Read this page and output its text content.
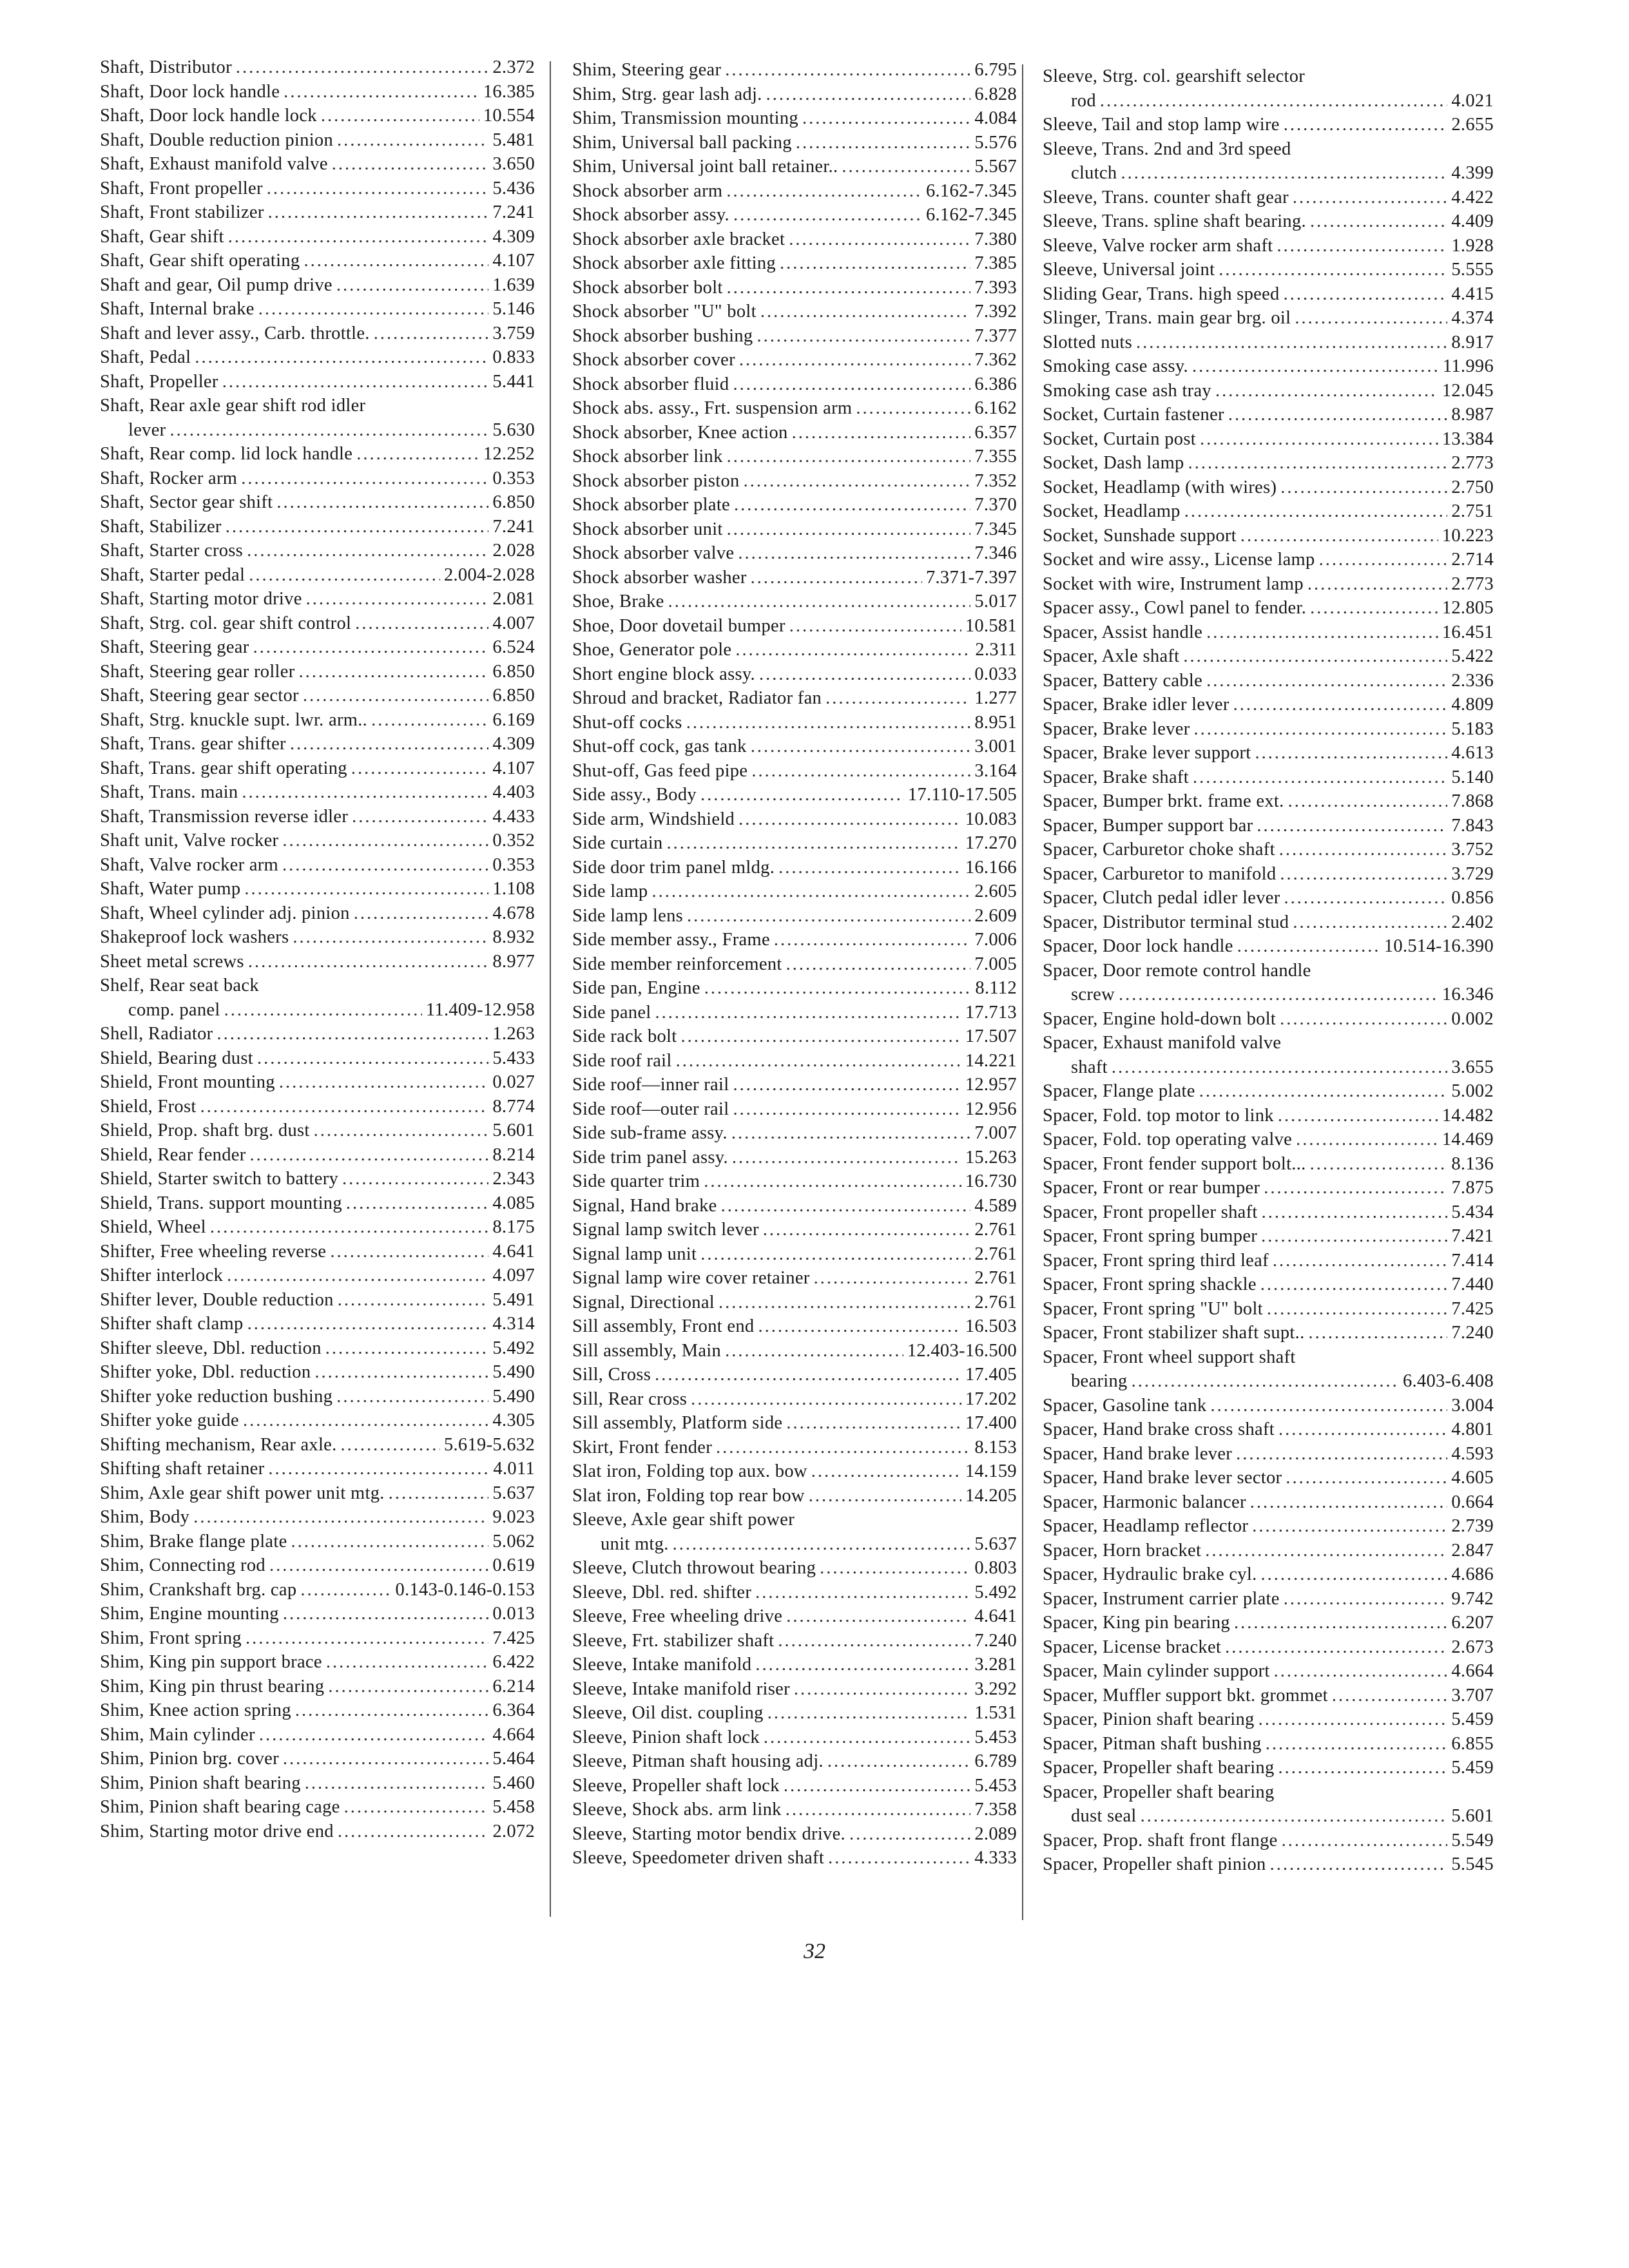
Shaft, Distributor .....	2.372
Shaft, Door lock handle .....	16.385
Shaft, Door lock handle lock .....	10.554
Shaft, Double reduction pinion .....	5.481
Shaft, Exhaust manifold valve .....	3.650
Shaft, Front propeller .....	5.436
Shaft, Front stabilizer .....	7.241
Shaft, Gear shift .....	4.309
Shaft, Gear shift operating .....	4.107
Shaft and gear, Oil pump drive .....	1.639
Shaft, Internal brake .....	5.146
Shaft and lever assy., Carb. throttle. .....	3.759
Shaft, Pedal .....	0.833
Shaft, Propeller .....	5.441
Shaft, Rear axle gear shift rod idler
lever .....	5.630
Shaft, Rear comp. lid lock handle .....	12.252
Shaft, Rocker arm .....	0.353
Shaft, Sector gear shift .....	6.850
Shaft, Stabilizer .....	7.241
Shaft, Starter cross .....	2.028
Shaft, Starter pedal .....	2.004-2.028
Shaft, Starting motor drive .....	2.081
Shaft, Strg. col. gear shift control .....	4.007
Shaft, Steering gear .....	6.524
Shaft, Steering gear roller .....	6.850
Shaft, Steering gear sector .....	6.850
Shaft, Strg. knuckle supt. lwr. arm.. .....	6.169
Shaft, Trans. gear shifter .....	4.309
Shaft, Trans. gear shift operating .....	4.107
Shaft, Trans. main .....	4.403
Shaft, Transmission reverse idler .....	4.433
Shaft unit, Valve rocker .....	0.352
Shaft, Valve rocker arm .....	0.353
Shaft, Water pump .....	1.108
Shaft, Wheel cylinder adj. pinion .....	4.678
Shakeproof lock washers .....	8.932
Sheet metal screws .....	8.977
Shelf, Rear seat back
comp. panel .....	11.409-12.958
Shell, Radiator .....	1.263
Shield, Bearing dust .....	5.433
Shield, Front mounting .....	0.027
Shield, Frost .....	8.774
Shield, Prop. shaft brg. dust .....	5.601
Shield, Rear fender .....	8.214
Shield, Starter switch to battery .....	2.343
Shield, Trans. support mounting .....	4.085
Shield, Wheel .....	8.175
Shifter, Free wheeling reverse .....	4.641
Shifter interlock .....	4.097
Shifter lever, Double reduction .....	5.491
Shifter shaft clamp .....	4.314
Shifter sleeve, Dbl. reduction .....	5.492
Shifter yoke, Dbl. reduction .....	5.490
Shifter yoke reduction bushing .....	5.490
Shifter yoke guide .....	4.305
Shifting mechanism, Rear axle. .....	5.619-5.632
Shifting shaft retainer .....	4.011
Shim, Axle gear shift power unit mtg. .....	5.637
Shim, Body .....	9.023
Shim, Brake flange plate .....	5.062
Shim, Connecting rod .....	0.619
Shim, Crankshaft brg. cap .....	0.143-0.146-0.153
Shim, Engine mounting .....	0.013
Shim, Front spring .....	7.425
Shim, King pin support brace .....	6.422
Shim, King pin thrust bearing .....	6.214
Shim, Knee action spring .....	6.364
Shim, Main cylinder .....	4.664
Shim, Pinion brg. cover .....	5.464
Shim, Pinion shaft bearing .....	5.460
Shim, Pinion shaft bearing cage .....	5.458
Shim, Starting motor drive end .....	2.072
Shim, Steering gear .....	6.795
Shim, Strg. gear lash adj. .....	6.828
Shim, Transmission mounting .....	4.084
Shim, Universal ball packing .....	5.576
Shim, Universal joint ball retainer.. .....	5.567
Shock absorber arm .....	6.162-7.345
Shock absorber assy. .....	6.162-7.345
Shock absorber axle bracket .....	7.380
Shock absorber axle fitting .....	7.385
Shock absorber bolt .....	7.393
Shock absorber "U" bolt .....	7.392
Shock absorber bushing .....	7.377
Shock absorber cover .....	7.362
Shock absorber fluid .....	6.386
Shock abs. assy., Frt. suspension arm .....	6.162
Shock absorber, Knee action .....	6.357
Shock absorber link .....	7.355
Shock absorber piston .....	7.352
Shock absorber plate .....	7.370
Shock absorber unit .....	7.345
Shock absorber valve .....	7.346
Shock absorber washer .....	7.371-7.397
Shoe, Brake .....	5.017
Shoe, Door dovetail bumper .....	10.581
Shoe, Generator pole .....	2.311
Short engine block assy. .....	0.033
Shroud and bracket, Radiator fan .....	1.277
Shut-off cocks .....	8.951
Shut-off cock, gas tank .....	3.001
Shut-off, Gas feed pipe .....	3.164
Side assy., Body .....	17.110-17.505
Side arm, Windshield .....	10.083
Side curtain .....	17.270
Side door trim panel mldg. .....	16.166
Side lamp .....	2.605
Side lamp lens .....	2.609
Side member assy., Frame .....	7.006
Side member reinforcement .....	7.005
Side pan, Engine .....	8.112
Side panel .....	17.713
Side rack bolt .....	17.507
Side roof rail .....	14.221
Side roof—inner rail .....	12.957
Side roof—outer rail .....	12.956
Side sub-frame assy. .....	7.007
Side trim panel assy. .....	15.263
Side quarter trim .....	16.730
Signal, Hand brake .....	4.589
Signal lamp switch lever .....	2.761
Signal lamp unit .....	2.761
Signal lamp wire cover retainer .....	2.761
Signal, Directional .....	2.761
Sill assembly, Front end .....	16.503
Sill assembly, Main .....	12.403-16.500
Sill, Cross .....	17.405
Sill, Rear cross .....	17.202
Sill assembly, Platform side .....	17.400
Skirt, Front fender .....	8.153
Slat iron, Folding top aux. bow .....	14.159
Slat iron, Folding top rear bow .....	14.205
Sleeve, Axle gear shift power
unit mtg. .....	5.637
Sleeve, Clutch throwout bearing .....	0.803
Sleeve, Dbl. red. shifter .....	5.492
Sleeve, Free wheeling drive .....	4.641
Sleeve, Frt. stabilizer shaft .....	7.240
Sleeve, Intake manifold .....	3.281
Sleeve, Intake manifold riser .....	3.292
Sleeve, Oil dist. coupling .....	1.531
Sleeve, Pinion shaft lock .....	5.453
Sleeve, Pitman shaft housing adj. .....	6.789
Sleeve, Propeller shaft lock .....	5.453
Sleeve, Shock abs. arm link .....	7.358
Sleeve, Starting motor bendix drive. .....	2.089
Sleeve, Speedometer driven shaft .....	4.333
Sleeve, Strg. col. gearshift selector
rod .....	4.021
Sleeve, Tail and stop lamp wire .....	2.655
Sleeve, Trans. 2nd and 3rd speed
clutch .....	4.399
Sleeve, Trans. counter shaft gear .....	4.422
Sleeve, Trans. spline shaft bearing. .....	4.409
Sleeve, Valve rocker arm shaft .....	1.928
Sleeve, Universal joint .....	5.555
Sliding Gear, Trans. high speed .....	4.415
Slinger, Trans. main gear brg. oil .....	4.374
Slotted nuts .....	8.917
Smoking case assy. .....	11.996
Smoking case ash tray .....	12.045
Socket, Curtain fastener .....	8.987
Socket, Curtain post .....	13.384
Socket, Dash lamp .....	2.773
Socket, Headlamp (with wires) .....	2.750
Socket, Headlamp .....	2.751
Socket, Sunshade support .....	10.223
Socket and wire assy., License lamp .....	2.714
Socket with wire, Instrument lamp .....	2.773
Spacer assy., Cowl panel to fender. .....	12.805
Spacer, Assist handle .....	16.451
Spacer, Axle shaft .....	5.422
Spacer, Battery cable .....	2.336
Spacer, Brake idler lever .....	4.809
Spacer, Brake lever .....	5.183
Spacer, Brake lever support .....	4.613
Spacer, Brake shaft .....	5.140
Spacer, Bumper brkt. frame ext. .....	7.868
Spacer, Bumper support bar .....	7.843
Spacer, Carburetor choke shaft .....	3.752
Spacer, Carburetor to manifold .....	3.729
Spacer, Clutch pedal idler lever .....	0.856
Spacer, Distributor terminal stud .....	2.402
Spacer, Door lock handle .....	10.514-16.390
Spacer, Door remote control handle
screw .....	16.346
Spacer, Engine hold-down bolt .....	0.002
Spacer, Exhaust manifold valve
shaft .....	3.655
Spacer, Flange plate .....	5.002
Spacer, Fold. top motor to link .....	14.482
Spacer, Fold. top operating valve .....	14.469
Spacer, Front fender support bolt... .....	8.136
Spacer, Front or rear bumper .....	7.875
Spacer, Front propeller shaft .....	5.434
Spacer, Front spring bumper .....	7.421
Spacer, Front spring third leaf .....	7.414
Spacer, Front spring shackle .....	7.440
Spacer, Front spring "U" bolt .....	7.425
Spacer, Front stabilizer shaft supt.. .....	7.240
Spacer, Front wheel support shaft
bearing .....	6.403-6.408
Spacer, Gasoline tank .....	3.004
Spacer, Hand brake cross shaft .....	4.801
Spacer, Hand brake lever .....	4.593
Spacer, Hand brake lever sector .....	4.605
Spacer, Harmonic balancer .....	0.664
Spacer, Headlamp reflector .....	2.739
Spacer, Horn bracket .....	2.847
Spacer, Hydraulic brake cyl. .....	4.686
Spacer, Instrument carrier plate .....	9.742
Spacer, King pin bearing .....	6.207
Spacer, License bracket .....	2.673
Spacer, Main cylinder support .....	4.664
Spacer, Muffler support bkt. grommet .....	3.707
Spacer, Pinion shaft bearing .....	5.459
Spacer, Pitman shaft bushing .....	6.855
Spacer, Propeller shaft bearing .....	5.459
Spacer, Propeller shaft bearing
dust seal .....	5.601
Spacer, Prop. shaft front flange .....	5.549
Spacer, Propeller shaft pinion .....	5.545
32
